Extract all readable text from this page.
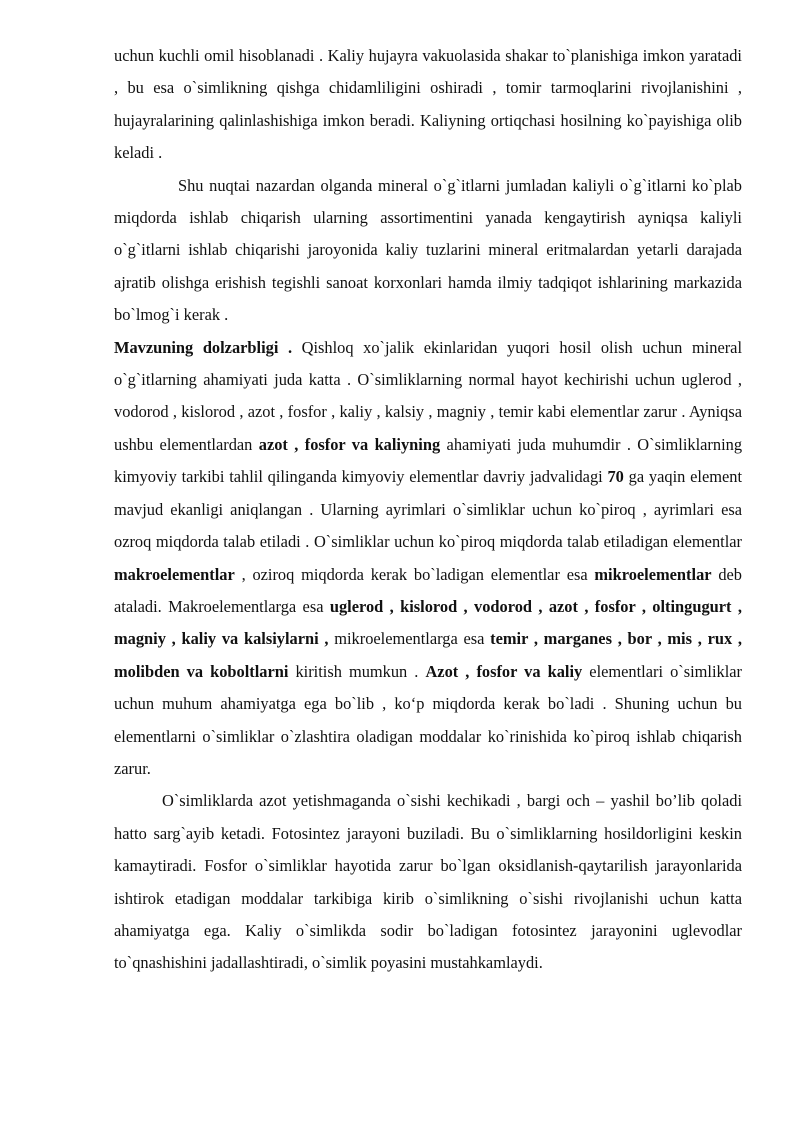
uchun kuchli omil hisoblanadi . Kaliy hujayra vakuolasida shakar to`planishiga imkon yaratadi , bu esa o`simlikning qishga chidamliligini oshiradi , tomir tarmoqlarini rivojlanishini , hujayralarining qalinlashishiga imkon beradi. Kaliyning ortiqchasi hosilning ko`payishiga olib keladi .

Shu nuqtai nazardan olganda mineral o`g`itlarni jumladan kaliyli o`g`itlarni ko`plab miqdorda ishlab chiqarish ularning assortimentini yanada kengaytirish ayniqsa kaliyli o`g`itlarni ishlab chiqarishi jaroyonida kaliy tuzlarini mineral eritmalardan yetarli darajada ajratib olishga erishish tegishli sanoat korxonlari hamda ilmiy tadqiqot ishlarining markazida bo`lmog`i kerak .

Mavzuning dolzarbligi . Qishloq xo`jalik ekinlaridan yuqori hosil olish uchun mineral o`g`itlarning ahamiyati juda katta . O`simliklarning normal hayot kechirishi uchun uglerod , vodorod , kislorod , azot , fosfor , kaliy , kalsiy , magniy , temir kabi elementlar zarur . Ayniqsa ushbu elementlardan azot , fosfor va kaliyning ahamiyati juda muhumdir . O`simliklarning kimyoviy tarkibi tahlil qilinganda kimyoviy elementlar davriy jadvalidagi 70 ga yaqin element mavjud ekanligi aniqlangan . Ularning ayrimlari o`simliklar uchun ko`piroq , ayrimlari esa ozroq miqdorda talab etiladi . O`simliklar uchun ko`piroq miqdorda talab etiladigan elementlar makroelementlar , oziroq miqdorda kerak bo`ladigan elementlar esa mikroelementlar deb ataladi. Makroelementlarga esa uglerod , kislorod , vodorod , azot , fosfor , oltingugurt , magniy , kaliy va kalsiylarni , mikroelementlarga esa temir , marganes , bor , mis , rux , molibden va koboltlarni kiritish mumkun . Azot , fosfor va kaliy elementlari o`simliklar uchun muhum ahamiyatga ega bo`lib , ko‘p miqdorda kerak bo`ladi . Shuning uchun bu elementlarni o`simliklar o`zlashtira oladigan moddalar ko`rinishida ko`piroq ishlab chiqarish zarur.

O`simliklarda azot yetishmaganda o`sishi kechikadi , bargi och – yashil bo’lib qoladi hatto sarg`ayib ketadi. Fotosintez jarayoni buziladi. Bu o`simliklarning hosildorligini keskin kamaytiradi. Fosfor o`simliklar hayotida zarur bo`lgan oksidlanish-qaytarilish jarayonlarida ishtirok etadigan moddalar tarkibiga kirib o`simlikning o`sishi rivojlanishi uchun katta ahamiyatga ega. Kaliy o`simlikda sodir bo`ladigan fotosintez jarayonini uglevodlar to`qnashishini jadallashtiradi, o`simlik poyasini mustahkamlaydi.
